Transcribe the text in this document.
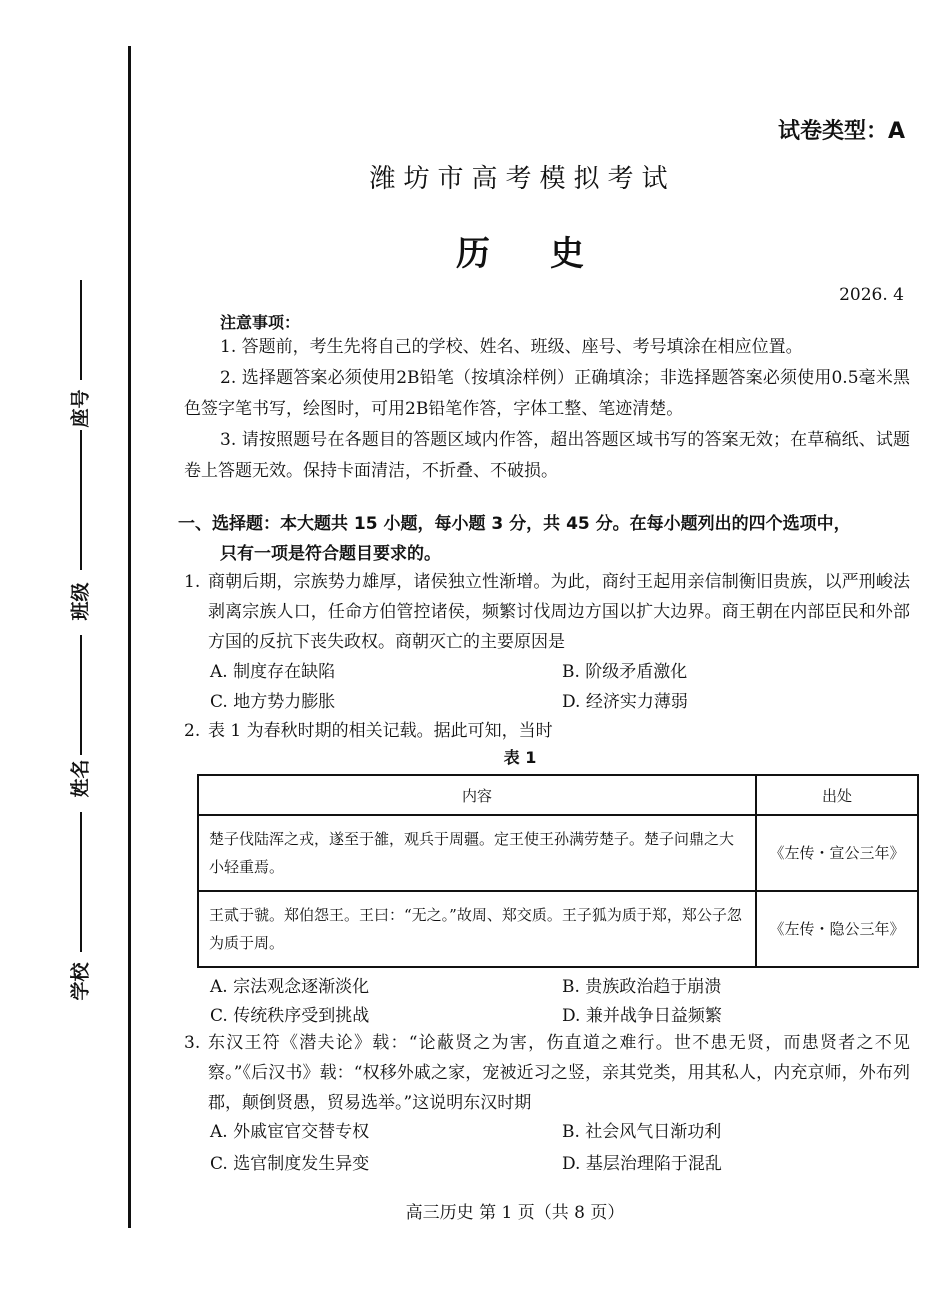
座号
班级
姓名
学校
试卷类型：A
潍坊市高考模拟考试
历 史
2026. 4
注意事项：
1. 答题前，考生先将自己的学校、姓名、班级、座号、考号填涂在相应位置。
2. 选择题答案必须使用2B铅笔（按填涂样例）正确填涂；非选择题答案必须使用0.5毫米黑色签字笔书写，绘图时，可用2B铅笔作答，字体工整、笔迹清楚。
3. 请按照题号在各题目的答题区域内作答，超出答题区域书写的答案无效；在草稿纸、试题卷上答题无效。保持卡面清洁，不折叠、不破损。
一、选择题：本大题共 15 小题，每小题 3 分，共 45 分。在每小题列出的四个选项中，
只有一项是符合题目要求的。
1. 商朝后期，宗族势力雄厚，诸侯独立性渐增。为此，商纣王起用亲信制衡旧贵族，以严刑峻法剥离宗族人口，任命方伯管控诸侯，频繁讨伐周边方国以扩大边界。商王朝在内部臣民和外部方国的反抗下丧失政权。商朝灭亡的主要原因是
A. 制度存在缺陷	B. 阶级矛盾激化
C. 地方势力膨胀	D. 经济实力薄弱
2. 表 1 为春秋时期的相关记载。据此可知，当时
表 1
内容	出处
楚子伐陆浑之戎，遂至于雒，观兵于周疆。定王使王孙满劳楚子。楚子问鼎之大小轻重焉。	《左传・宣公三年》
王贰于虢。郑伯怨王。王曰：“无之。”故周、郑交质。王子狐为质于郑，郑公子忽为质于周。	《左传・隐公三年》
A. 宗法观念逐渐淡化	B. 贵族政治趋于崩溃
C. 传统秩序受到挑战	D. 兼并战争日益频繁
3. 东汉王符《潜夫论》载：“论蔽贤之为害，伤直道之难行。世不患无贤，而患贤者之不见察。”《后汉书》载：“权移外戚之家，宠被近习之竖，亲其党类，用其私人，内充京师，外布列郡，颠倒贤愚，贸易选举。”这说明东汉时期
A. 外戚宦官交替专权	B. 社会风气日渐功利
C. 选官制度发生异变	D. 基层治理陷于混乱
高三历史 第 1 页（共 8 页）
